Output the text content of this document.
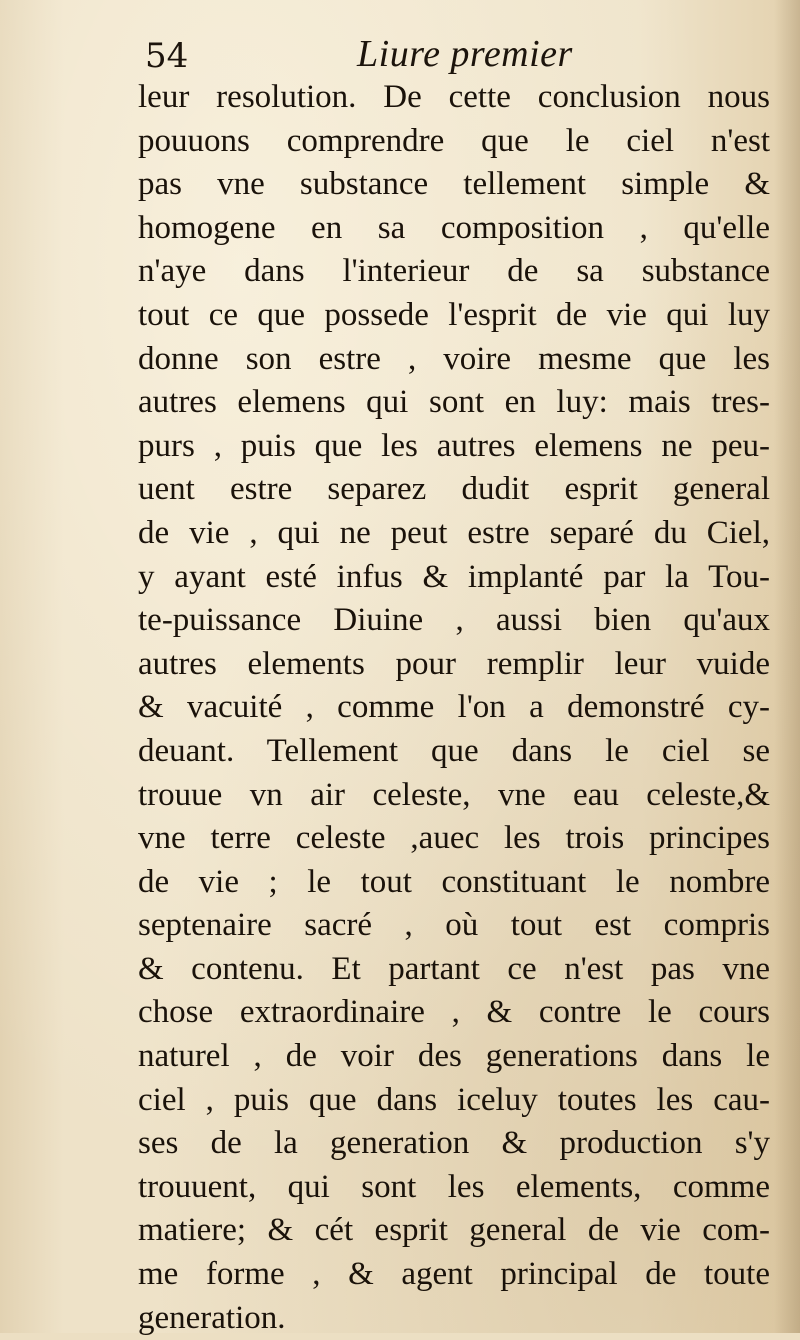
54	Liure premier
leur resolution. De cette conclusion nous
pouuons comprendre que le ciel n'est
pas vne substance tellement simple &
homogene en sa composition , qu'elle
n'aye dans l'interieur de sa substance
tout ce que possede l'esprit de vie qui luy
donne son estre , voire mesme que les
autres elemens qui sont en luy: mais tres-
purs , puis que les autres elemens ne peu-
uent estre separez dudit esprit general
de vie , qui ne peut estre separé du Ciel,
y ayant esté infus & implanté par la Tou-
te-puissance Diuine , aussi bien qu'aux
autres elements pour remplir leur vuide
& vacuité , comme l'on a demonstré cy-
deuant. Tellement que dans le ciel se
trouue vn air celeste, vne eau celeste,&
vne terre celeste ,auec les trois principes
de vie ; le tout constituant le nombre
septenaire sacré , où tout est compris
& contenu. Et partant ce n'est pas vne
chose extraordinaire , & contre le cours
naturel , de voir des generations dans le
ciel , puis que dans iceluy toutes les cau-
ses de la generation & production s'y
trouuent, qui sont les elements, comme
matiere; & cét esprit general de vie com-
me forme , & agent principal de toute
generation.
